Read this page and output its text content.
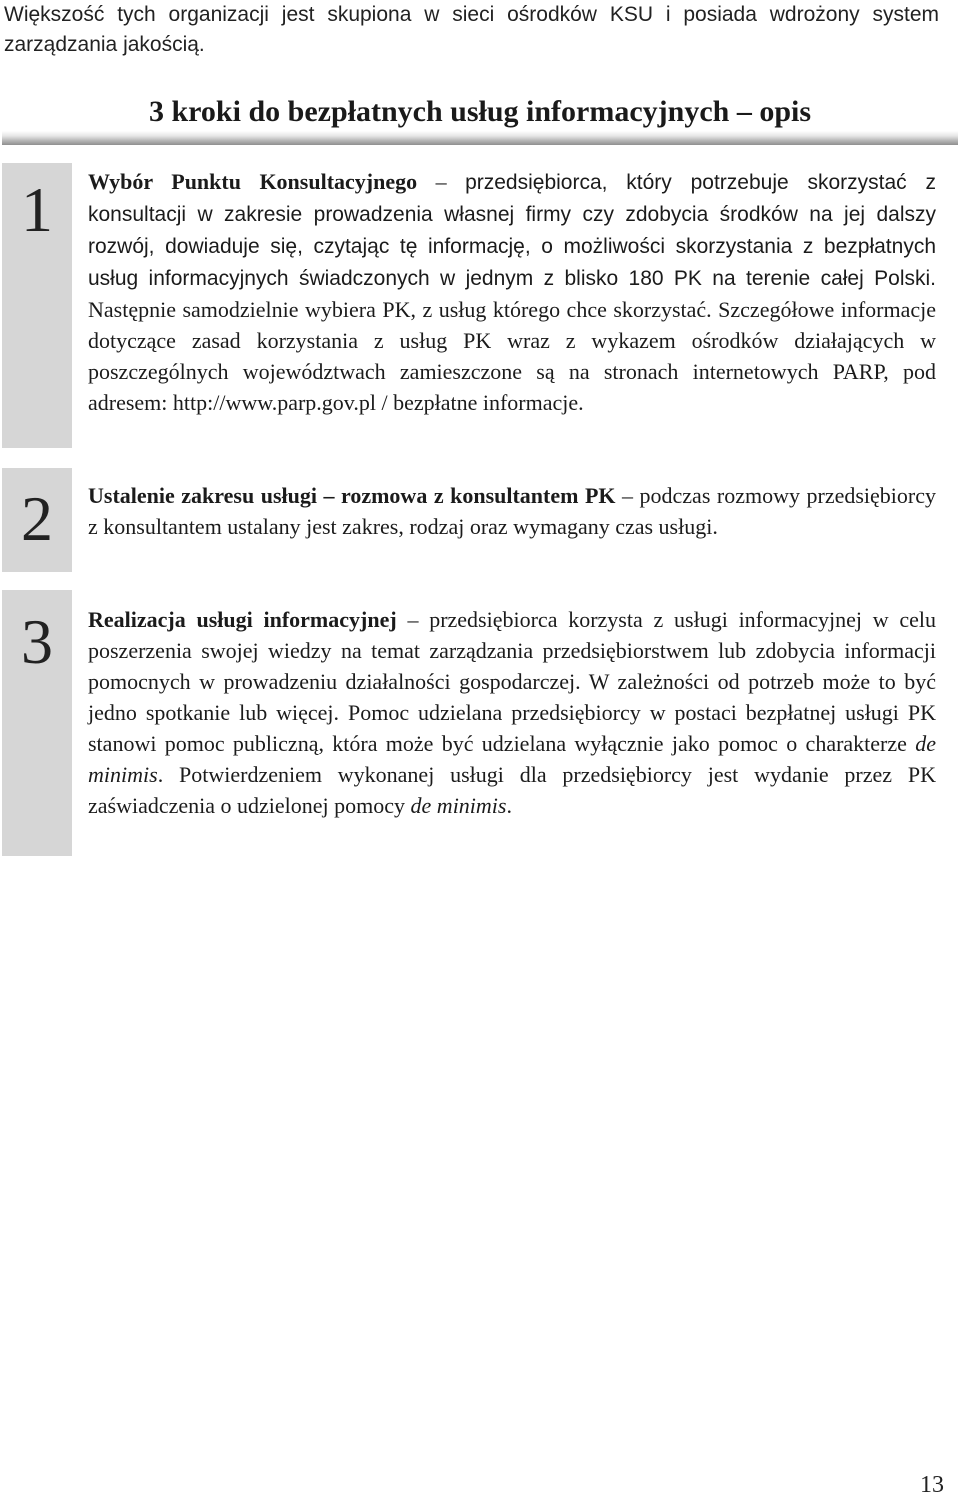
Większość tych organizacji jest skupiona w sieci ośrodków KSU i posiada wdrożony system zarządzania jakością.

3 kroki do bezpłatnych usług informacyjnych – opis
1	Wybór Punktu Konsultacyjnego – przedsiębiorca, który potrzebuje skorzystać z konsultacji w zakresie prowadzenia własnej firmy czy zdobycia środków na jej dalszy rozwój, dowiaduje się, czytając tę informację, o możliwości skorzystania z bezpłatnych usług informacyjnych świadczonych w jednym z blisko 180 PK na terenie całej Polski. Następnie samodzielnie wybiera PK, z usług którego chce skorzystać. Szczegółowe informacje dotyczące zasad korzystania z usług PK wraz z wykazem ośrodków działających w poszczególnych województwach zamieszczone są na stronach internetowych PARP, pod adresem: http://www.parp.gov.pl / bezpłatne informacje.
2	Ustalenie zakresu usługi – rozmowa z konsultantem PK – podczas rozmowy przedsiębiorcy z konsultantem ustalany jest zakres, rodzaj oraz wymagany czas usługi.
3	Realizacja usługi informacyjnej – przedsiębiorca korzysta z usługi informacyjnej w celu poszerzenia swojej wiedzy na temat zarządzania przedsiębiorstwem lub zdobycia informacji pomocnych w prowadzeniu działalności gospodarczej. W zależności od potrzeb może to być jedno spotkanie lub więcej. Pomoc udzielana przedsiębiorcy w postaci bezpłatnej usługi PK stanowi pomoc publiczną, która może być udzielana wyłącznie jako pomoc o charakterze de minimis. Potwierdzeniem wykonanej usługi dla przedsiębiorcy jest wydanie przez PK zaświadczenia o udzielonej pomocy de minimis.
13
